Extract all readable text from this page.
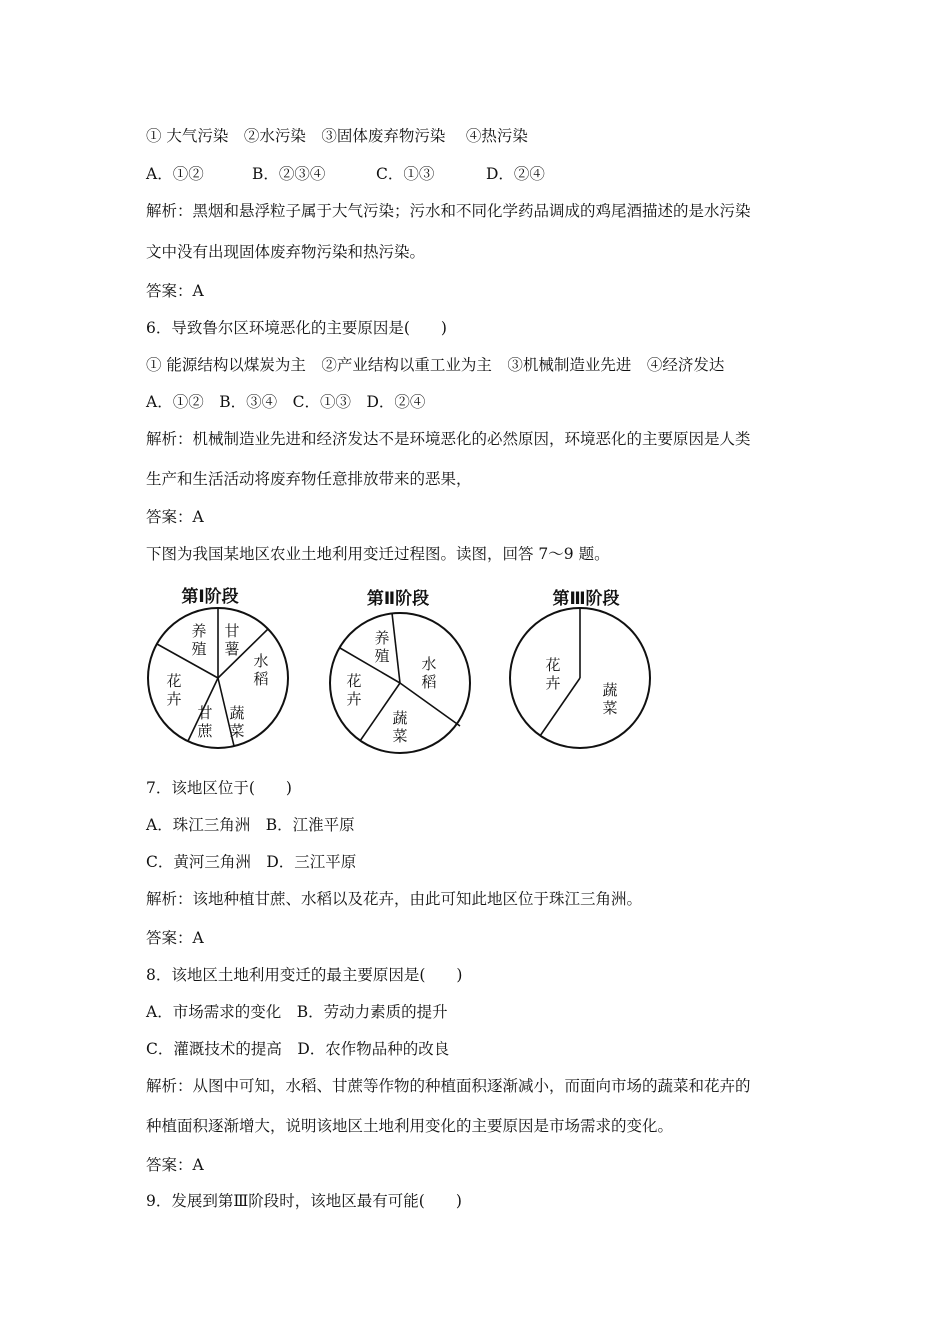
① 大气污染　②水污染　③固体废弃物污染　 ④热污染
A．①②	B．②③④	C．①③	D．②④
解析：黑烟和悬浮粒子属于大气污染；污水和不同化学药品调成的鸡尾酒描述的是水污染
文中没有出现固体废弃物污染和热污染。
答案：A
6．导致鲁尔区环境恶化的主要原因是(　　)
① 能源结构以煤炭为主　②产业结构以重工业为主　③机械制造业先进　④经济发达
A．①②　B．③④　C．①③　D．②④
解析：机械制造业先进和经济发达不是环境恶化的必然原因，环境恶化的主要原因是人类
生产和生活活动将废弃物任意排放带来的恶果，
答案：A
下图为我国某地区农业土地利用变迁过程图。读图，回答 7～9 题。
第Ⅰ阶段
养
殖
甘
薯
水
稻
蔬
菜
甘
蔗
花
卉
第Ⅱ阶段
养
殖 水
稻
蔬
菜
花
卉
第Ⅲ阶段
花
卉	蔬
菜
7．该地区位于(　　)
A．珠江三角洲　B．江淮平原
C．黄河三角洲　D．三江平原
解析：该地种植甘蔗、水稻以及花卉，由此可知此地区位于珠江三角洲。
答案：A
8．该地区土地利用变迁的最主要原因是(　　)
A．市场需求的变化　B．劳动力素质的提升
C．灌溉技术的提高　D．农作物品种的改良
解析：从图中可知，水稻、甘蔗等作物的种植面积逐渐减小，而面向市场的蔬菜和花卉的
种植面积逐渐增大，说明该地区土地利用变化的主要原因是市场需求的变化。
答案：A
9．发展到第Ⅲ阶段时，该地区最有可能(　　)
